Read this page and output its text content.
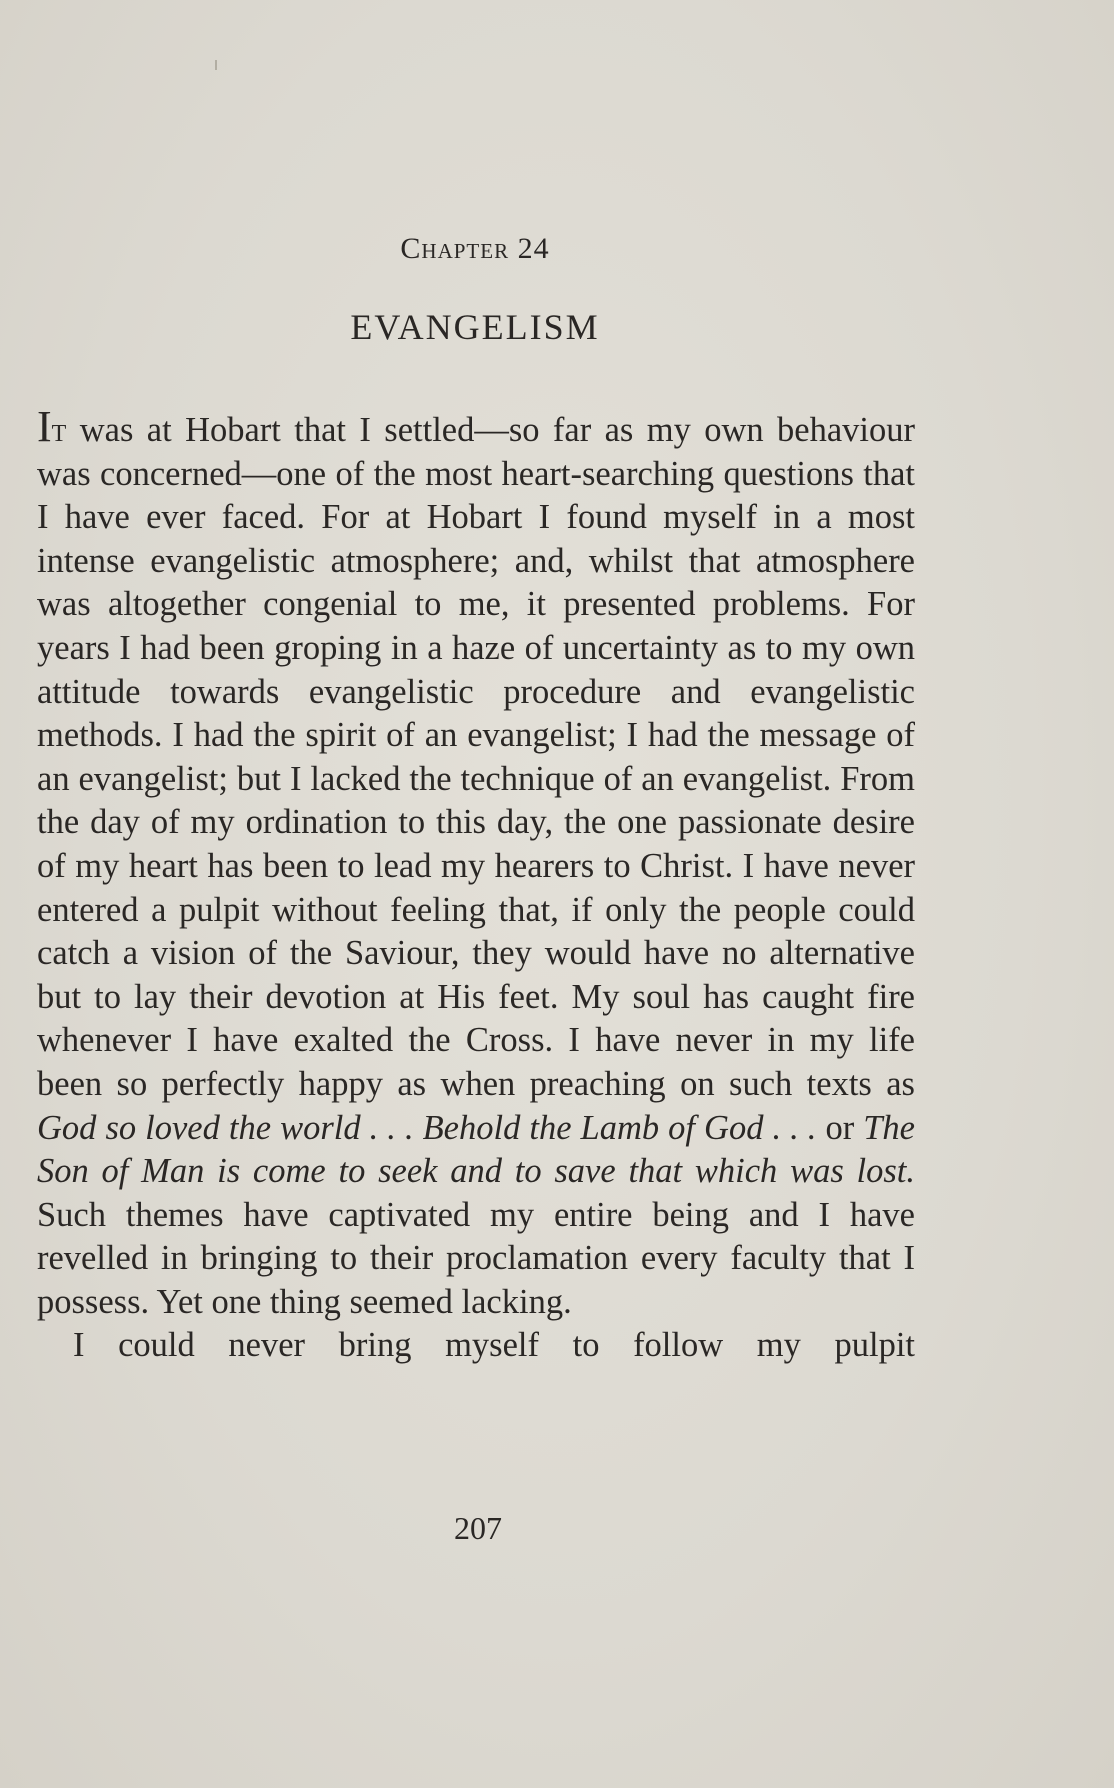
Chapter 24
EVANGELISM

It was at Hobart that I settled—so far as my own behaviour was concerned—one of the most heart-searching questions that I have ever faced. For at Hobart I found myself in a most intense evangelistic atmosphere; and, whilst that atmosphere was altogether congenial to me, it presented problems. For years I had been groping in a haze of uncertainty as to my own attitude towards evangelistic procedure and evangelistic methods. I had the spirit of an evangelist; I had the message of an evangelist; but I lacked the technique of an evangelist. From the day of my ordination to this day, the one passionate desire of my heart has been to lead my hearers to Christ. I have never entered a pulpit without feeling that, if only the people could catch a vision of the Saviour, they would have no alternative but to lay their devotion at His feet. My soul has caught fire whenever I have exalted the Cross. I have never in my life been so perfectly happy as when preaching on such texts as God so loved the world . . . Behold the Lamb of God . . . or The Son of Man is come to seek and to save that which was lost. Such themes have captivated my entire being and I have revelled in bringing to their proclamation every faculty that I possess. Yet one thing seemed lacking.

I could never bring myself to follow my pulpit

207
